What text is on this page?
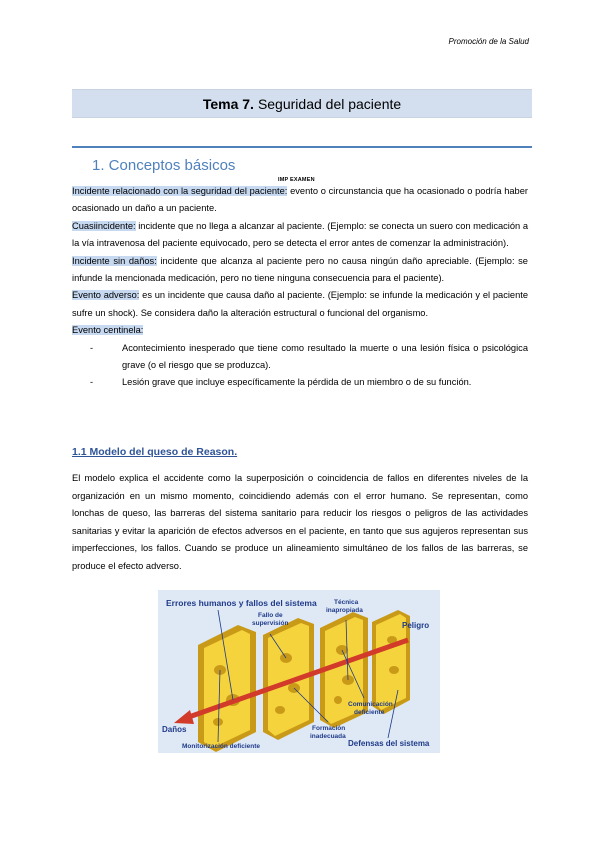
Promoción de la Salud
Tema 7. Seguridad del paciente
1. Conceptos básicos
IMP EXAMEN
Incidente relacionado con la seguridad del paciente: evento o circunstancia que ha ocasionado o podría haber ocasionado un daño a un paciente.
Cuasiincidente: incidente que no llega a alcanzar al paciente. (Ejemplo: se conecta un suero con medicación a la vía intravenosa del paciente equivocado, pero se detecta el error antes de comenzar la administración).
Incidente sin daños: incidente que alcanza al paciente pero no causa ningún daño apreciable. (Ejemplo: se infunde la mencionada medicación, pero no tiene ninguna consecuencia para el paciente).
Evento adverso: es un incidente que causa daño al paciente. (Ejemplo: se infunde la medicación y el paciente sufre un shock). Se considera daño la alteración estructural o funcional del organismo.
Evento centinela:
-	Acontecimiento inesperado que tiene como resultado la muerte o una lesión física o psicológica grave (o el riesgo que se produzca).
-	Lesión grave que incluye específicamente la pérdida de un miembro o de su función.
1.1 Modelo del queso de Reason.
El modelo explica el accidente como la superposición o coincidencia de fallos en diferentes niveles de la organización en un mismo momento, coincidiendo además con el error humano. Se representan, como lonchas de queso, las barreras del sistema sanitario para reducir los riesgos o peligros de las actividades sanitarias y evitar la aparición de efectos adversos en el paciente, en tanto que sus agujeros representan sus imperfecciones, los fallos. Cuando se produce un alineamiento simultáneo de los fallos de las barreras, se produce el efecto adverso.
Errores humanos y fallos del sistema
Fallo de supervisión
Técnica inapropiada
Peligro
Daños
Comunicación deficiente
Formación inadecuada
Monitorización deficiente	Defensas del sistema
